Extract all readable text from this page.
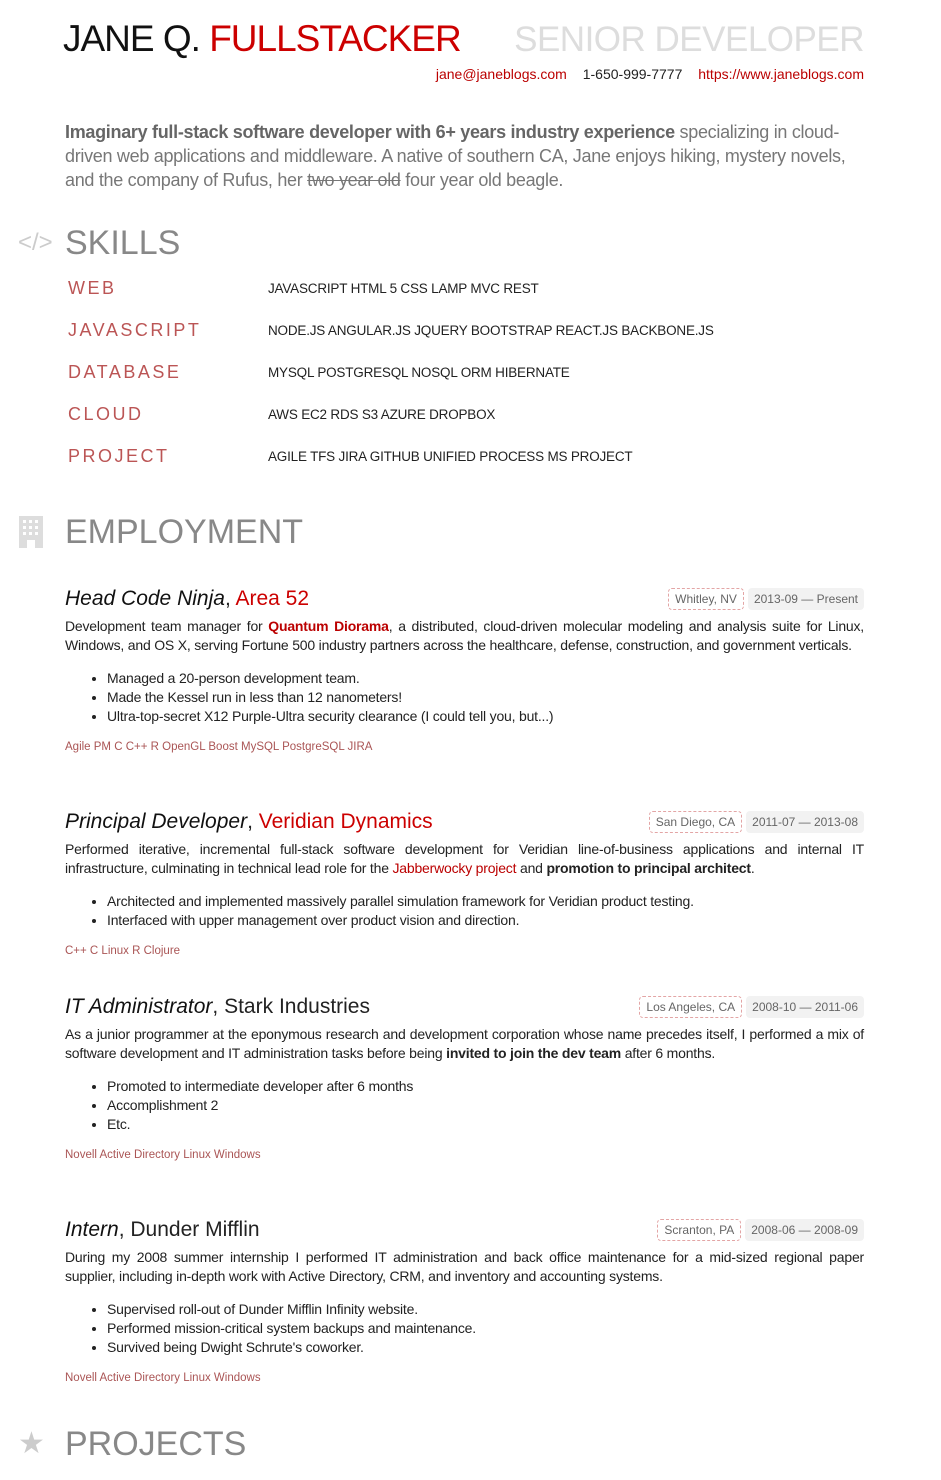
JANE Q. FULLSTACKER SENIOR DEVELOPER
jane@janeblogs.com 1-650-999-7777 https://www.janeblogs.com
Imaginary full-stack software developer with 6+ years industry experience specializing in cloud-driven web applications and middleware. A native of southern CA, Jane enjoys hiking, mystery novels, and the company of Rufus, her two year old four year old beagle.
</> SKILLS
WEB	JAVASCRIPT HTML 5 CSS LAMP MVC REST
JAVASCRIPT	NODE.JS ANGULAR.JS JQUERY BOOTSTRAP REACT.JS BACKBONE.JS
DATABASE	MYSQL POSTGRESQL NOSQL ORM HIBERNATE
CLOUD	AWS EC2 RDS S3 AZURE DROPBOX
PROJECT	AGILE TFS JIRA GITHUB UNIFIED PROCESS MS PROJECT
EMPLOYMENT
Head Code Ninja, Area 52	Whitley, NV	2013-09 — Present
Development team manager for Quantum Diorama, a distributed, cloud-driven molecular modeling and analysis suite for Linux, Windows, and OS X, serving Fortune 500 industry partners across the healthcare, defense, construction, and government verticals.
• Managed a 20-person development team.
• Made the Kessel run in less than 12 nanometers!
• Ultra-top-secret X12 Purple-Ultra security clearance (I could tell you, but...)
Agile PM C C++ R OpenGL Boost MySQL PostgreSQL JIRA
Principal Developer, Veridian Dynamics	San Diego, CA	2011-07 — 2013-08
Performed iterative, incremental full-stack software development for Veridian line-of-business applications and internal IT infrastructure, culminating in technical lead role for the Jabberwocky project and promotion to principal architect.
• Architected and implemented massively parallel simulation framework for Veridian product testing.
• Interfaced with upper management over product vision and direction.
C++ C Linux R Clojure
IT Administrator, Stark Industries	Los Angeles, CA	2008-10 — 2011-06
As a junior programmer at the eponymous research and development corporation whose name precedes itself, I performed a mix of software development and IT administration tasks before being invited to join the dev team after 6 months.
• Promoted to intermediate developer after 6 months
• Accomplishment 2
• Etc.
Novell Active Directory Linux Windows
Intern, Dunder Mifflin	Scranton, PA	2008-06 — 2008-09
During my 2008 summer internship I performed IT administration and back office maintenance for a mid-sized regional paper supplier, including in-depth work with Active Directory, CRM, and inventory and accounting systems.
• Supervised roll-out of Dunder Mifflin Infinity website.
• Performed mission-critical system backups and maintenance.
• Survived being Dwight Schrute's coworker.
Novell Active Directory Linux Windows
★ PROJECTS
